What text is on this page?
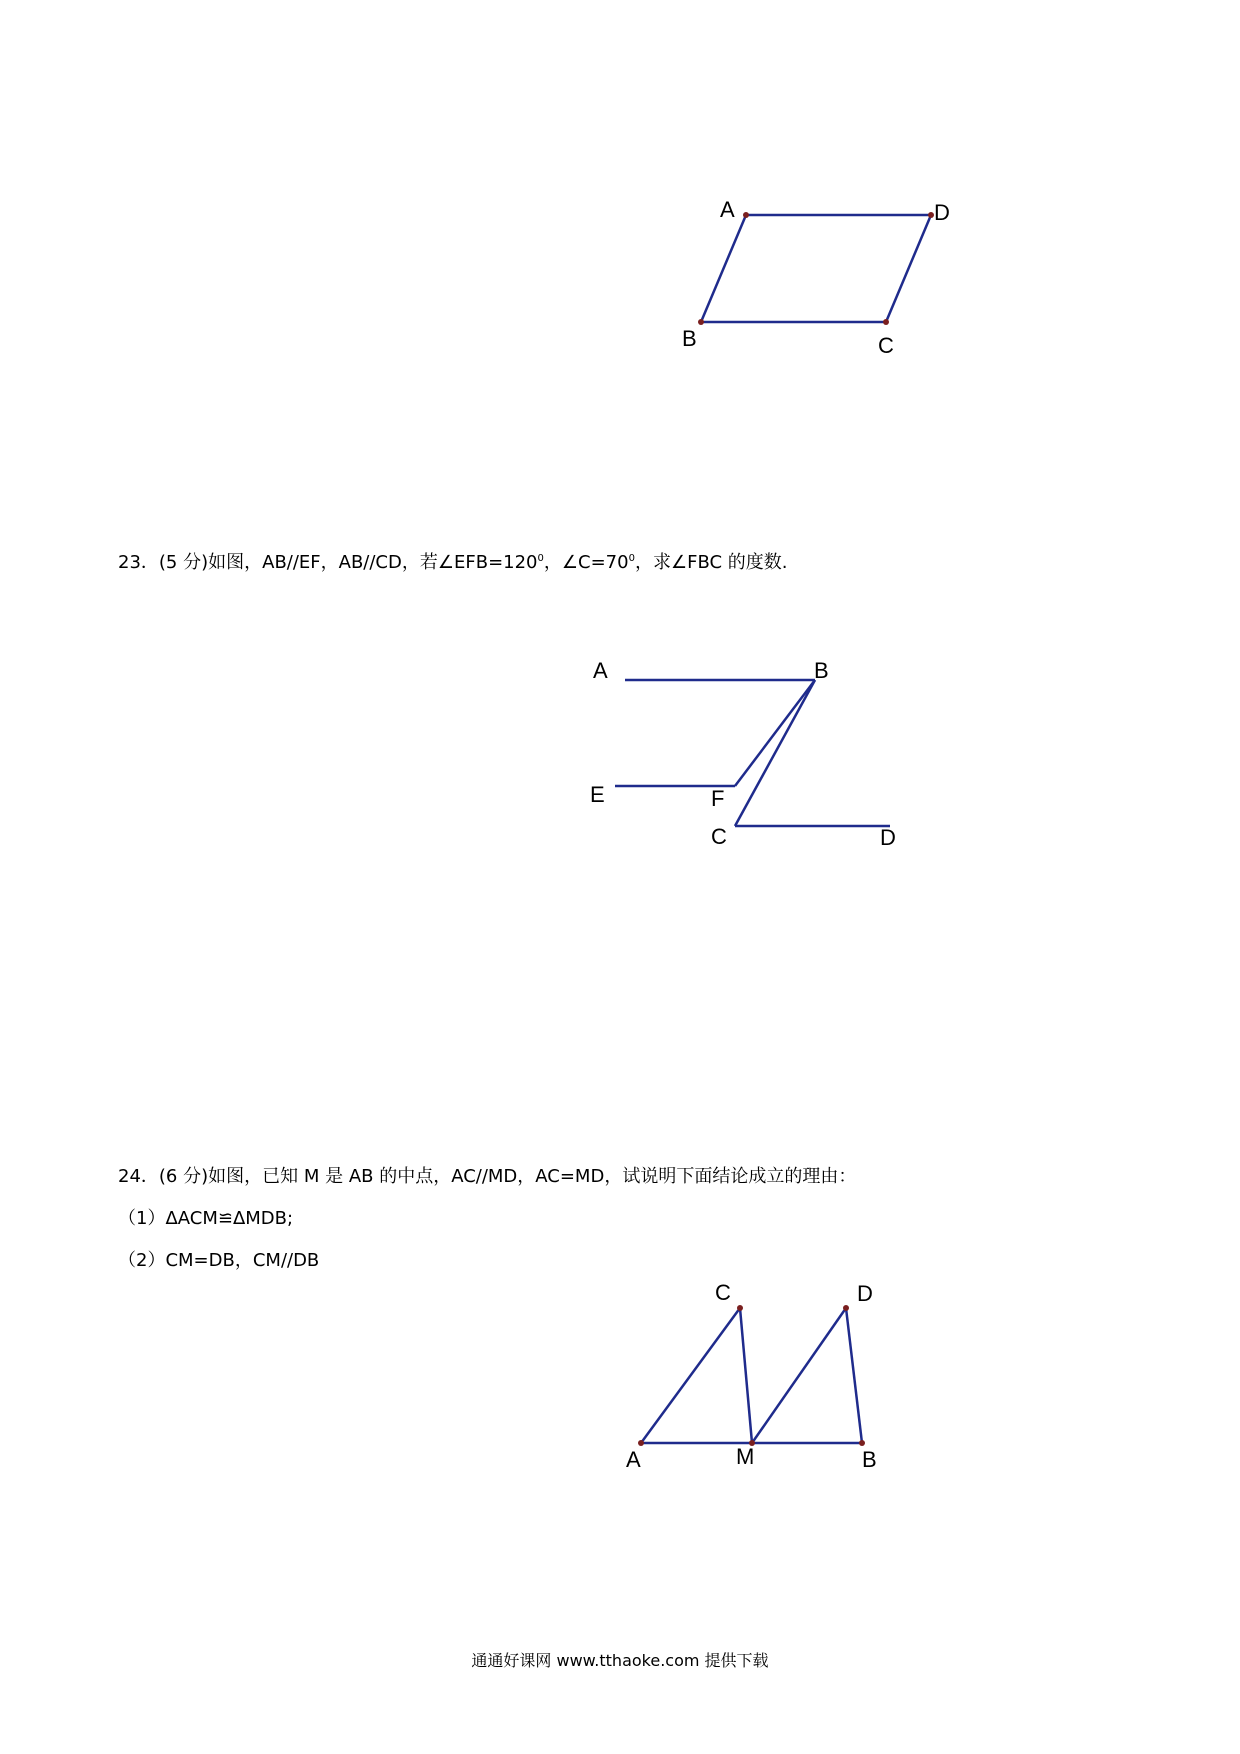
A	D
B	C
23．(5 分)如图，AB//EF，AB//CD，若$\angle EFB=120^0$，$\angle C=70^0$，求∠FBC 的度数.
A	B
E	F
C	D
24．(6 分)如图，已知 M 是 AB 的中点，AC//MD，AC=MD，试说明下面结论成立的理由：
（1）ΔACM≌ΔMDB;
（2）CM=DB，CM//DB
C	D
A	M	B
通通好课网 www.tthaoke.com 提供下载
